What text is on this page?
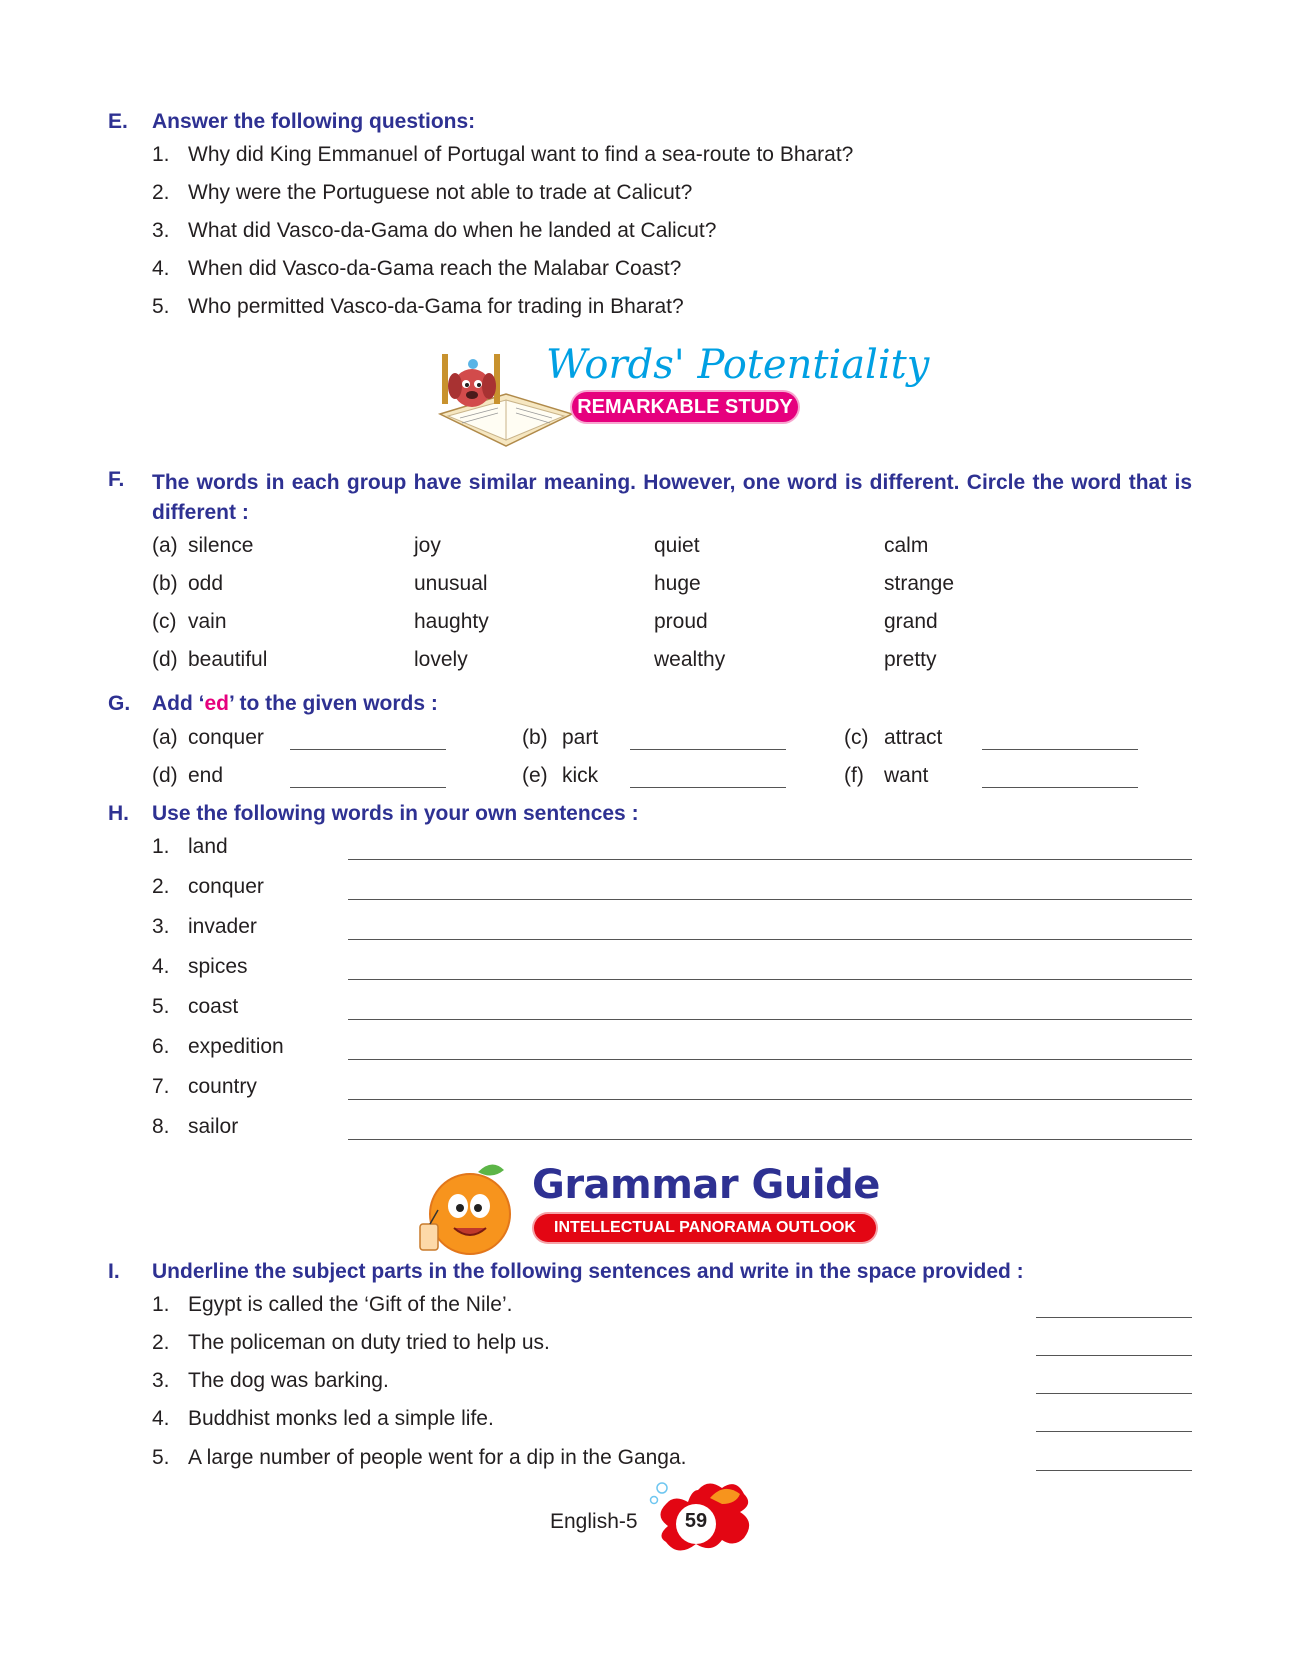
E. Answer the following questions:
1. Why did King Emmanuel of Portugal want to find a sea-route to Bharat?
2. Why were the Portuguese not able to trade at Calicut?
3. What did Vasco-da-Gama do when he landed at Calicut?
4. When did Vasco-da-Gama reach the Malabar Coast?
5. Who permitted Vasco-da-Gama for trading in Bharat?
Words' Potentiality
REMARKABLE STUDY
F. The words in each group have similar meaning. However, one word is different. Circle the word that is different :
(a) silence	joy	quiet	calm
(b) odd	unusual	huge	strange
(c) vain	haughty	proud	grand
(d) beautiful	lovely	wealthy	pretty
G. Add ‘ed’ to the given words :
(a) conquer	(b) part	(c) attract
(d) end	(e) kick	(f) want
H. Use the following words in your own sentences :
1. land
2. conquer
3. invader
4. spices
5. coast
6. expedition
7. country
8. sailor
Grammar Guide
INTELLECTUAL PANORAMA OUTLOOK
I. Underline the subject parts in the following sentences and write in the space provided :
1. Egypt is called the ‘Gift of the Nile’.
2. The policeman on duty tried to help us.
3. The dog was barking.
4. Buddhist monks led a simple life.
5. A large number of people went for a dip in the Ganga.
English-5	59
